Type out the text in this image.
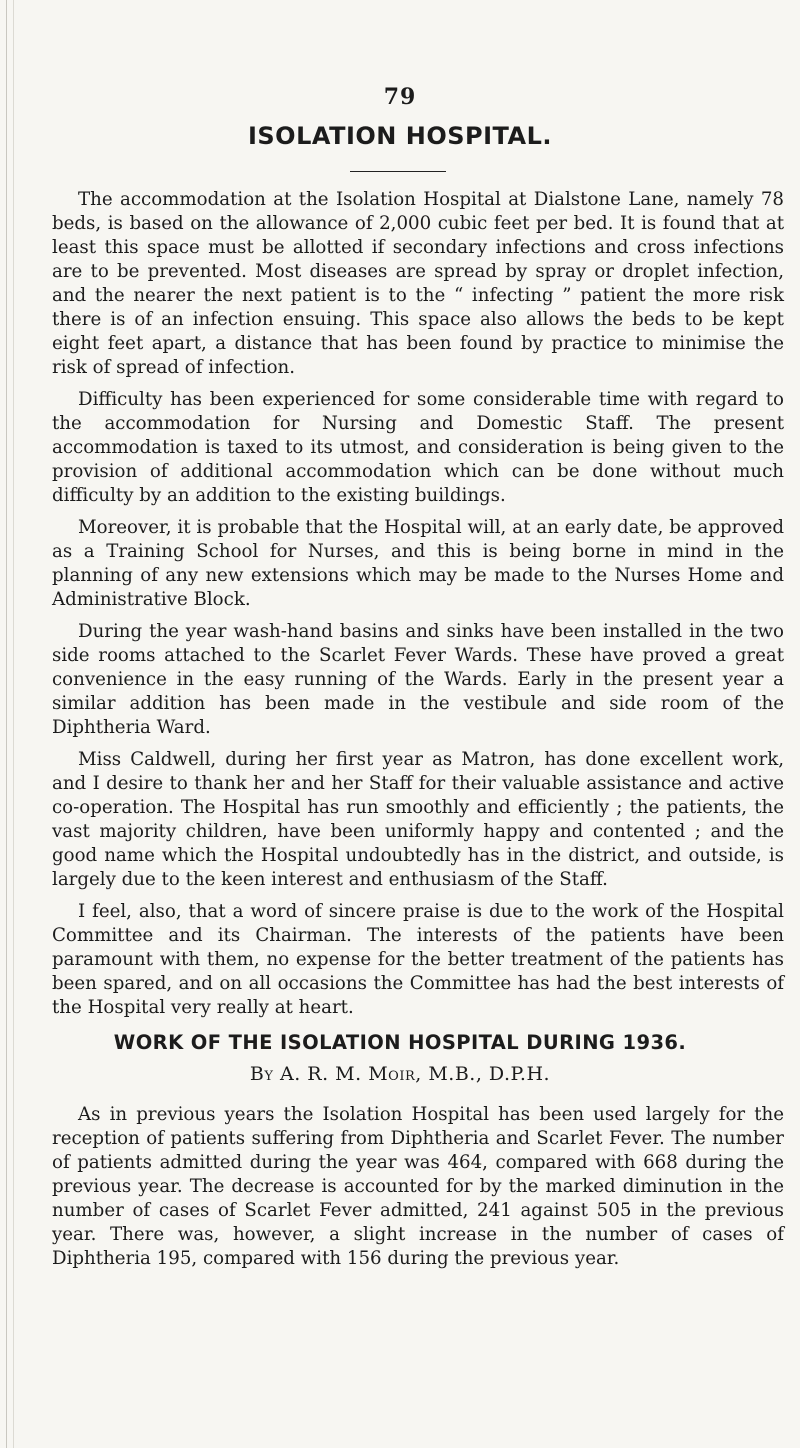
79
ISOLATION HOSPITAL.

The accommodation at the Isolation Hospital at Dialstone Lane, namely 78 beds, is based on the allowance of 2,000 cubic feet per bed. It is found that at least this space must be allotted if secondary infections and cross infections are to be prevented. Most diseases are spread by spray or droplet infection, and the nearer the next patient is to the “ infecting ” patient the more risk there is of an infection ensuing. This space also allows the beds to be kept eight feet apart, a distance that has been found by practice to minimise the risk of spread of infection.

Difficulty has been experienced for some considerable time with regard to the accommodation for Nursing and Domestic Staff. The present accommodation is taxed to its utmost, and consideration is being given to the provision of additional accommodation which can be done without much difficulty by an addition to the existing buildings.

Moreover, it is probable that the Hospital will, at an early date, be approved as a Training School for Nurses, and this is being borne in mind in the planning of any new extensions which may be made to the Nurses Home and Administrative Block.

During the year wash-hand basins and sinks have been installed in the two side rooms attached to the Scarlet Fever Wards. These have proved a great convenience in the easy running of the Wards. Early in the present year a similar addition has been made in the vestibule and side room of the Diphtheria Ward.

Miss Caldwell, during her first year as Matron, has done excellent work, and I desire to thank her and her Staff for their valuable assistance and active co-operation. The Hospital has run smoothly and efficiently ; the patients, the vast majority children, have been uniformly happy and contented ; and the good name which the Hospital undoubtedly has in the district, and outside, is largely due to the keen interest and enthusiasm of the Staff.

I feel, also, that a word of sincere praise is due to the work of the Hospital Committee and its Chairman. The interests of the patients have been paramount with them, no expense for the better treatment of the patients has been spared, and on all occasions the Committee has had the best interests of the Hospital very really at heart.

WORK OF THE ISOLATION HOSPITAL DURING 1936.
By A. R. M. Moir, M.B., D.P.H.

As in previous years the Isolation Hospital has been used largely for the reception of patients suffering from Diphtheria and Scarlet Fever. The number of patients admitted during the year was 464, compared with 668 during the previous year. The decrease is accounted for by the marked diminution in the number of cases of Scarlet Fever admitted, 241 against 505 in the previous year. There was, however, a slight increase in the number of cases of Diphtheria 195, compared with 156 during the previous year.
